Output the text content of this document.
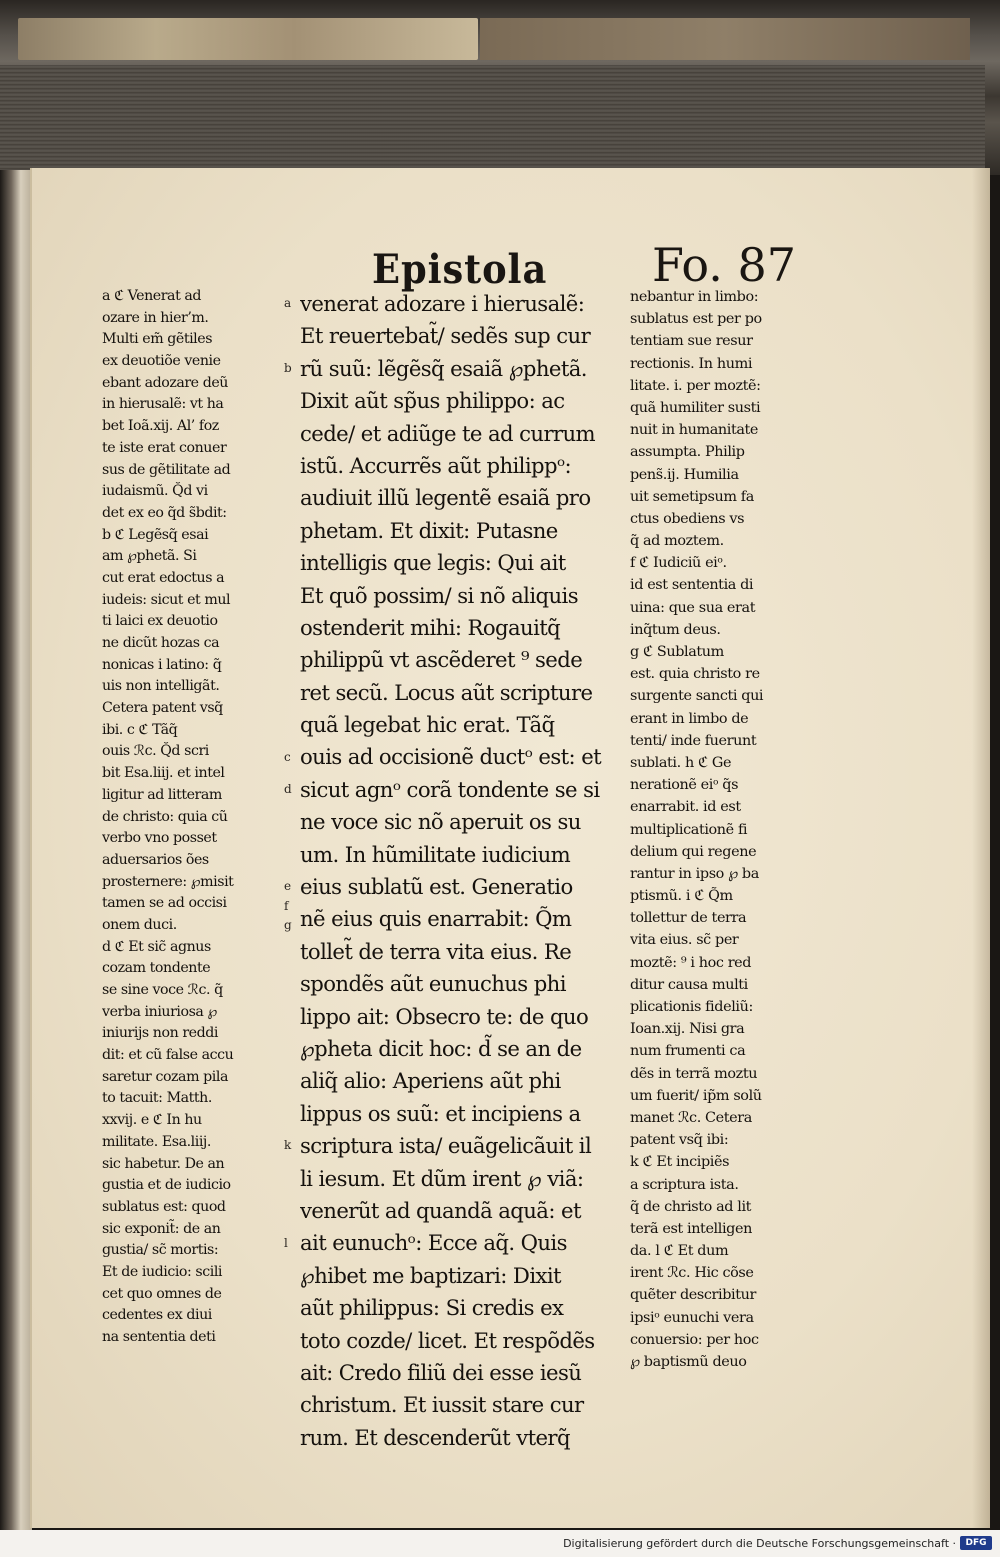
Epistola Fo. 87
a ℭ Venerat ad
ozare in hier’m.
Multi em̃ gẽtiles
ex deuotiõe venie
ebant adozare deũ
in hierusalẽ: vt ha
bet Ioã.xij. Al’ foz
te iste erat conuer
sus de gẽtilitate ad
iudaismũ. Q̆d vi
det ex eo q̃d s̃bdit:
b ℭ Legẽsq̃ esai
am ℘phetã. Si
cut erat edoctus a
iudeis: sicut et mul
ti laici ex deuotio
ne dicũt hozas ca
nonicas i latino: q̃
uis non intelligãt.
Cetera patent vsq̃
ibi. c ℭ Tãq̃
ouis ℛc. Q̆d scri
bit Esa.liij. et intel
ligitur ad litteram
de christo: quia cũ
verbo vno posset
aduersarios ões
prosternere: ℘misit
tamen se ad occisi
onem duci.
d ℭ Et sic̃ agnus
cozam tondente
se sine voce ℛc. q̃
verba iniuriosa ℘
iniurijs non reddi
dit: et cũ false accu
saretur cozam pila
to tacuit: Matth.
xxvij. e ℭ In hu
militate. Esa.liij.
sic habetur. De an
gustia et de iudicio
sublatus est: quod
sic exponit̃: de an
gustia/ sc̃ mortis:
Et de iudicio: scili
cet quo omnes de
cedentes ex diui
na sententia deti
a
b
c
d
e
f
g
k
l
venerat adozare i hierusalẽ:
Et reuertebat̃/ sedẽs sup cur
rũ suũ: lẽgẽsq̃ esaiã ℘phetã.
Dixit aũt sp̃us philippo: ac
cede/ et adiũge te ad currum
istũ. Accurrẽs aũt philippᵒ:
audiuit illũ legentẽ esaiã pro
phetam. Et dixit: Putasne
intelligis que legis: Qui ait
Et quõ possim/ si nõ aliquis
ostenderit mihi: Rogauitq̃
philippũ vt ascẽderet ⁹ sede
ret secũ. Locus aũt scripture
quã legebat hic erat. Tãq̃
ouis ad occisionẽ ductᵒ est: et
sicut agnᵒ corã tondente se si
ne voce sic nõ aperuit os su
um. In hũmilitate iudicium
eius sublatũ est. Generatio
nẽ eius quis enarrabit: Q̃m
tollet̃ de terra vita eius. Re
spondẽs aũt eunuchus phi
lippo ait: Obsecro te: de quo
℘pheta dicit hoc: d̃ se an de
aliq̃ alio: Aperiens aũt phi
lippus os suũ: et incipiens a
scriptura ista/ euãgelicãuit il
li iesum. Et dũm irent ℘ viã:
venerũt ad quandã aquã: et
ait eunuchᵒ: Ecce aq̃. Quis
℘hibet me baptizari: Dixit
aũt philippus: Si credis ex
toto cozde/ licet. Et respõdẽs
ait: Credo filiũ dei esse iesũ
christum. Et iussit stare cur
rum. Et descenderũt vterq̃
nebantur in limbo:
sublatus est per po
tentiam sue resur
rectionis. In humi
litate. i. per moztẽ:
quã humiliter susti
nuit in humanitate
assumpta. Philip
pens̃.ij. Humilia
uit semetipsum fa
ctus obediens vs
q̃ ad moztem.
f ℭ Iudiciũ eiᵒ.
id est sententia di
uina: que sua erat
inq̃tum deus.
g ℭ Sublatum
est. quia christo re
surgente sancti qui
erant in limbo de
tenti/ inde fuerunt
sublati. h ℭ Ge
nerationẽ eiᵒ q̃s
enarrabit. id est
multiplicationẽ fi
delium qui regene
rantur in ipso ℘ ba
ptismũ. i ℭ Q̃m
tollettur de terra
vita eius. sc̃ per
moztẽ: ⁹ i hoc red
ditur causa multi
plicationis fideliũ:
Ioan.xij. Nisi gra
num frumenti ca
dẽs in terrã moztu
um fuerit/ ip̃m solũ
manet ℛc. Cetera
patent vsq̃ ibi:
k ℭ Et incipiẽs
a scriptura ista.
q̃ de christo ad lit
terã est intelligen
da. l ℭ Et dum
irent ℛc. Hic cõse
quẽter describitur
ipsiᵒ eunuchi vera
conuersio: per hoc
℘ baptismũ deuo
Digitalisierung gefördert durch die Deutsche Forschungsgemeinschaft ·	DFG
